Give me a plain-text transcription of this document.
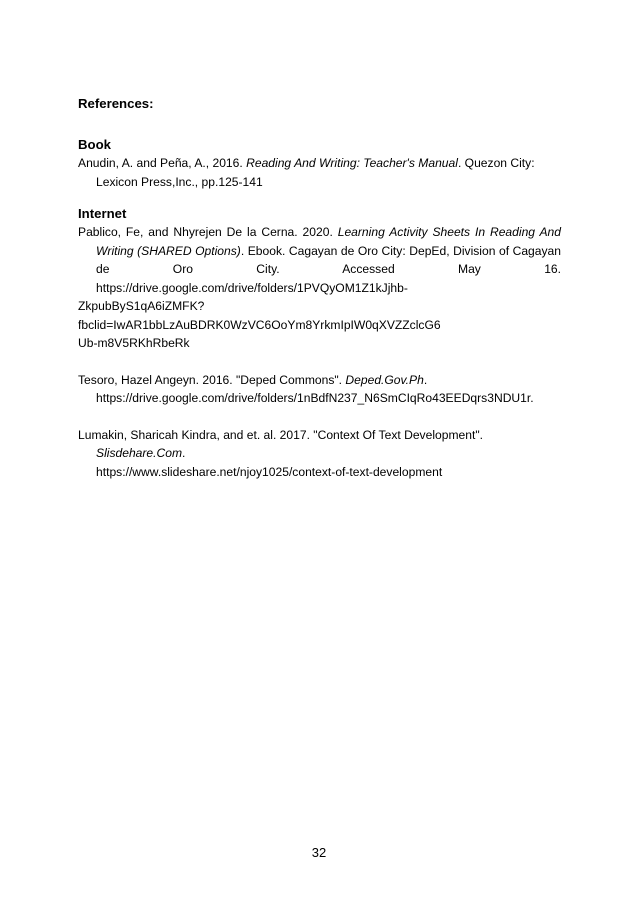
References:
Book

Anudin, A. and Peña, A., 2016. Reading And Writing: Teacher's Manual. Quezon City: Lexicon Press,Inc., pp.125-141

Internet

Pablico, Fe, and Nhyrejen De la Cerna. 2020. Learning Activity Sheets In Reading And Writing (SHARED Options). Ebook. Cagayan de Oro City: DepEd, Division of Cagayan de Oro City. Accessed May 16. https://drive.google.com/drive/folders/1PVQyOM1Z1kJjhb-

ZkpubByS1qA6iZMFK?fbclid=IwAR1bbLzAuBDRK0WzVC6OoYm8YrkmIpIW0qXVZZclcG6

Ub-m8V5RKhRbeRk

Tesoro, Hazel Angeyn. 2016. "Deped Commons". Deped.Gov.Ph.
https://drive.google.com/drive/folders/1nBdfN237_N6SmCIqRo43EEDqrs3NDU1r.

Lumakin, Sharicah Kindra, and et. al. 2017. "Context Of Text Development". Slisdehare.Com.
https://www.slideshare.net/njoy1025/context-of-text-development

32
